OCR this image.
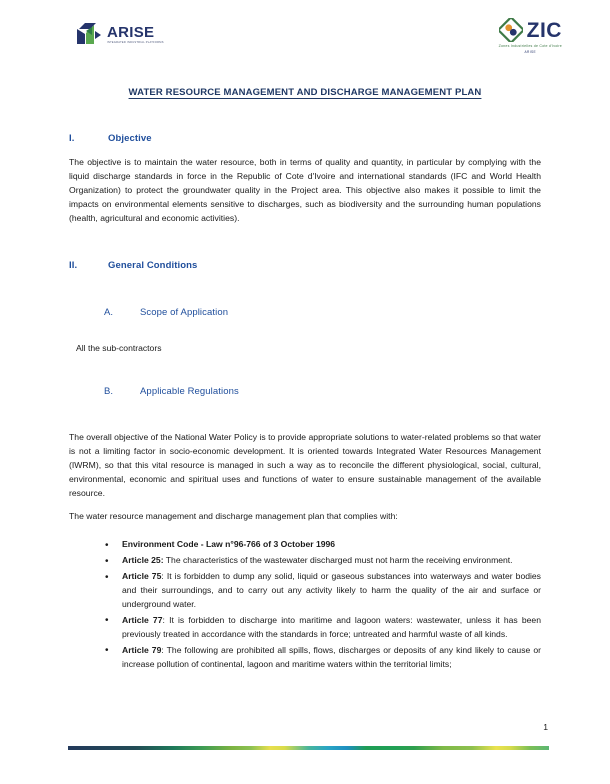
ARISE
INTEGRATED INDUSTRIAL PLATFORMS
ZIC
Zones Industrielles de Cote d'Ivoire
ARISE
WATER RESOURCE MANAGEMENT AND DISCHARGE MANAGEMENT PLAN
I.	Objective

The objective is to maintain the water resource, both in terms of quality and quantity, in particular by complying with the liquid discharge standards in force in the Republic of Cote d'Ivoire and international standards (IFC and World Health Organization) to protect the groundwater quality in the Project area. This objective also makes it possible to limit the impacts on environmental elements sensitive to discharges, such as biodiversity and the surrounding human populations (health, agricultural and economic activities).

II.	General Conditions
A.	Scope of Application

All the sub-contractors

B.	Applicable Regulations

The overall objective of the National Water Policy is to provide appropriate solutions to water-related problems so that water is not a limiting factor in socio-economic development. It is oriented towards Integrated Water Resources Management (IWRM), so that this vital resource is managed in such a way as to reconcile the different physiological, social, cultural, environmental, economic and spiritual uses and functions of water to ensure sustainable management of the available resource.

The water resource management and discharge management plan that complies with:

• Environment Code - Law n°96-766 of 3 October 1996
• Article 25: The characteristics of the wastewater discharged must not harm the receiving environment.
• Article 75: It is forbidden to dump any solid, liquid or gaseous substances into waterways and water bodies and their surroundings, and to carry out any activity likely to harm the quality of the air and surface or underground water.
• Article 77: It is forbidden to discharge into maritime and lagoon waters: wastewater, unless it has been previously treated in accordance with the standards in force; untreated and harmful waste of all kinds.
• Article 79: The following are prohibited all spills, flows, discharges or deposits of any kind likely to cause or increase pollution of continental, lagoon and maritime waters within the territorial limits;
1
